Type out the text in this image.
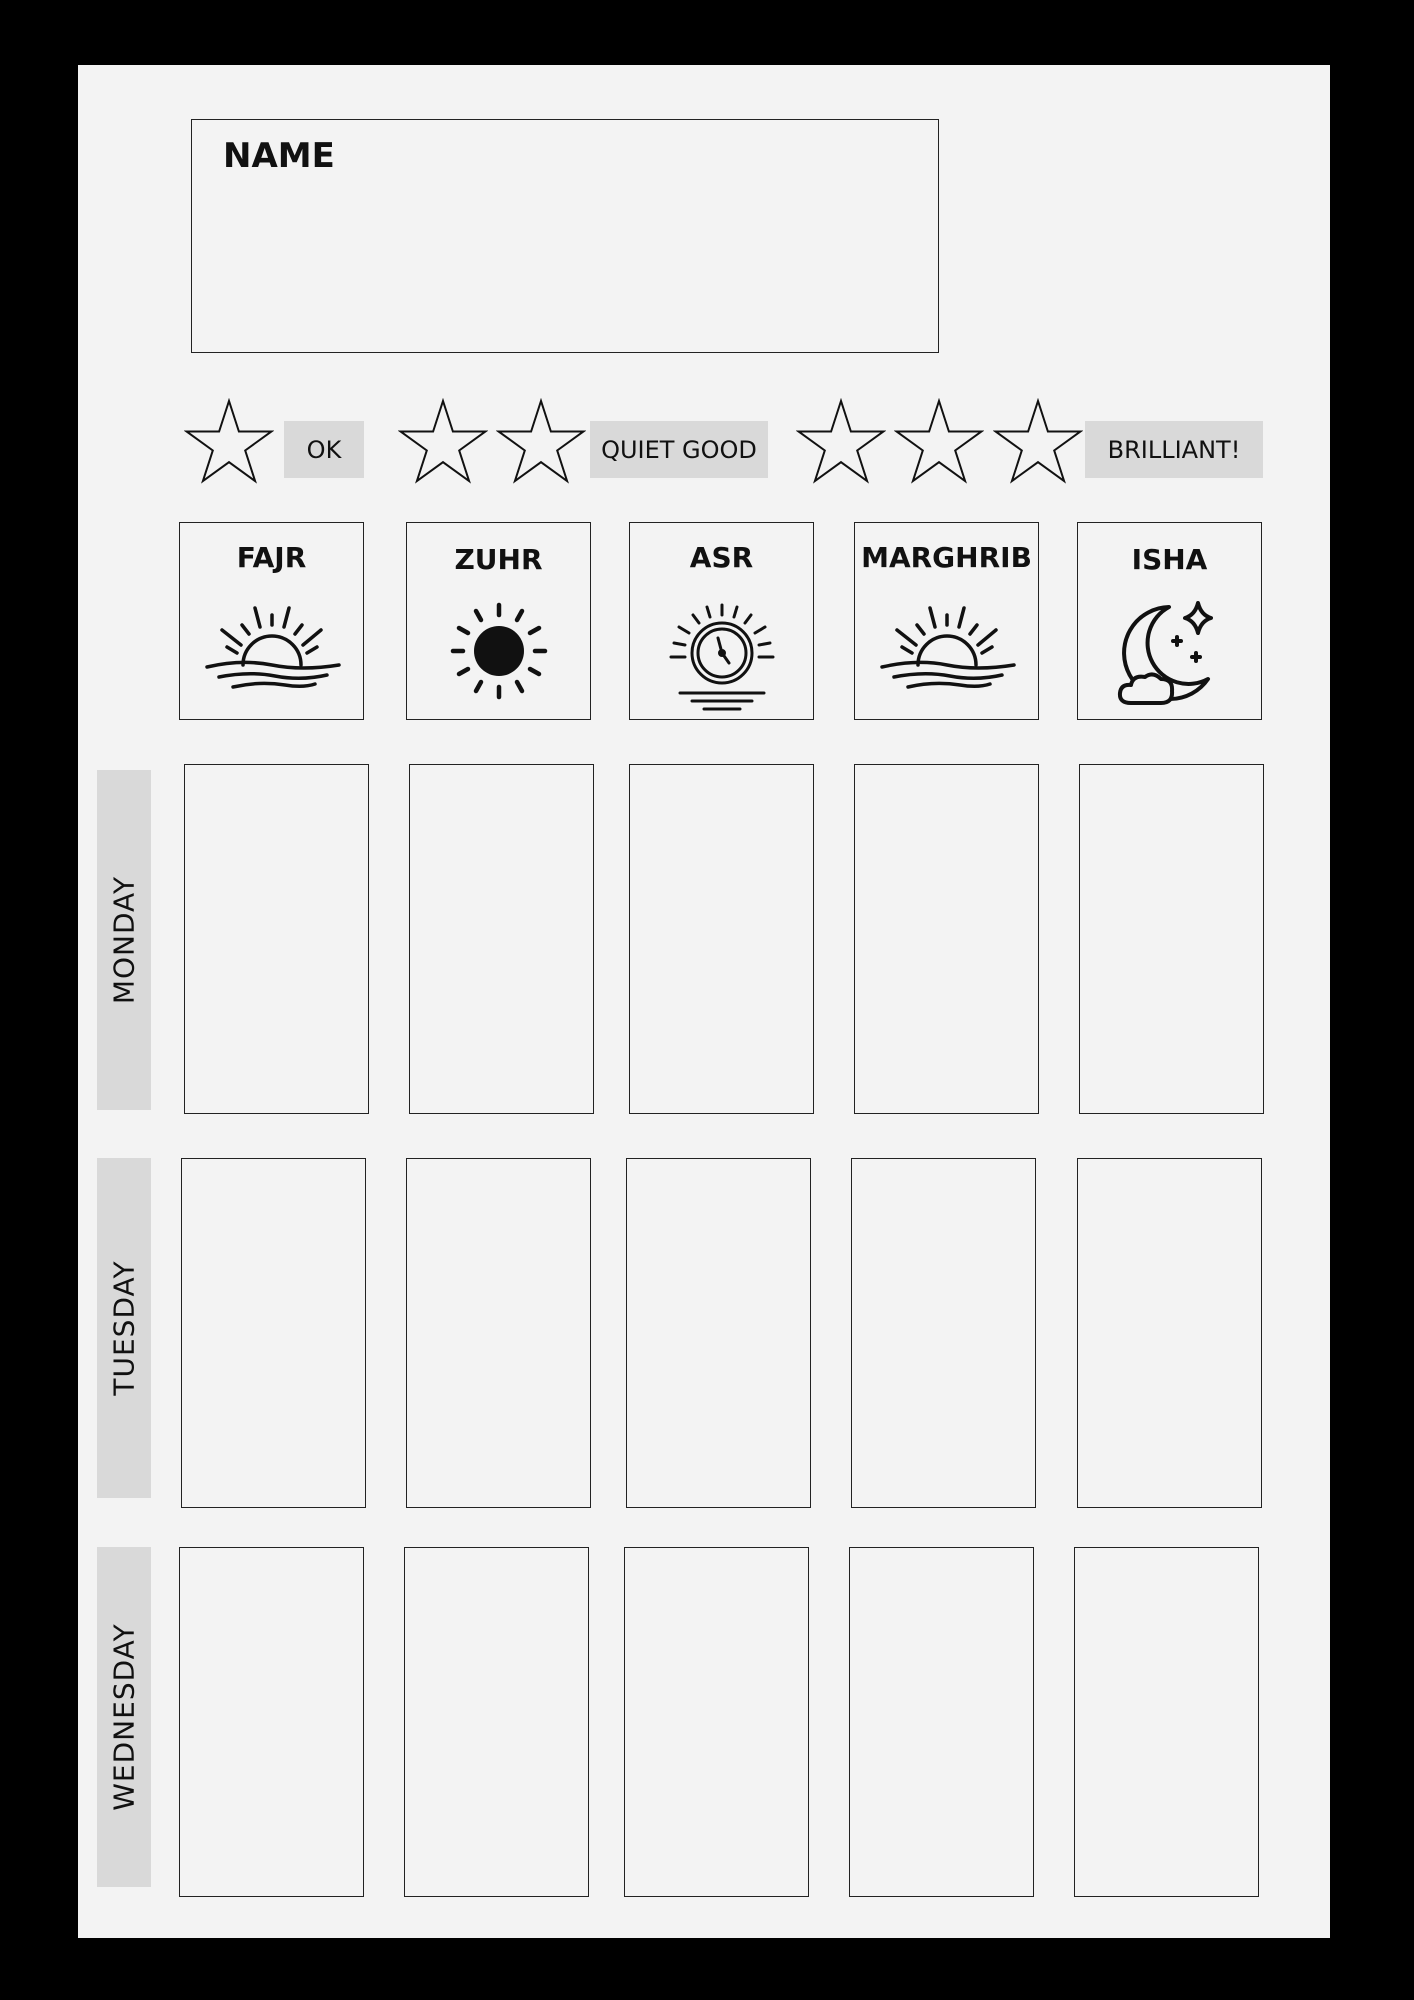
NAME
OK	QUIET GOOD	BRILLIANT!
FAJR	ZUHR	ASR	MARGHRIB	ISHA
MONDAY
TUESDAY
WEDNESDAY
